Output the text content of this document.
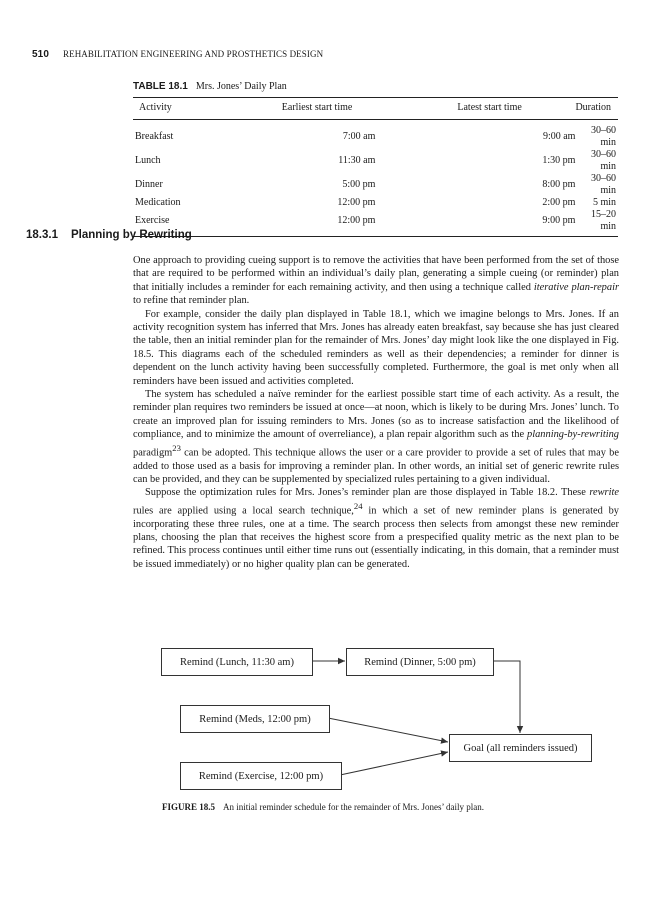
510 REHABILITATION ENGINEERING AND PROSTHETICS DESIGN
TABLE 18.1 Mrs. Jones’ Daily Plan
Activity	Earliest start time	Latest start time	Duration
Breakfast	7:00 am	9:00 am	30–60 min
Lunch	11:30 am	1:30 pm	30–60 min
Dinner	5:00 pm	8:00 pm	30–60 min
Medication	12:00 pm	2:00 pm	5 min
Exercise	12:00 pm	9:00 pm	15–20 min
18.3.1 Planning by Rewriting

One approach to providing cueing support is to remove the activities that have been performed from the set of those that are required to be performed within an individual’s daily plan, generating a simple cueing (or reminder) plan that initially includes a reminder for each remaining activity, and then using a technique called iterative plan-repair to refine that reminder plan.

For example, consider the daily plan displayed in Table 18.1, which we imagine belongs to Mrs. Jones. If an activity recognition system has inferred that Mrs. Jones has already eaten breakfast, say because she has just cleared the table, then an initial reminder plan for the remainder of Mrs. Jones’ day might look like the one displayed in Fig. 18.5. This diagrams each of the scheduled reminders as well as their dependencies; a reminder for dinner is dependent on the lunch activity having been successfully completed. Furthermore, the goal is met only when all reminders have been issued and activities completed.

The system has scheduled a naïve reminder for the earliest possible start time of each activity. As a result, the reminder plan requires two reminders be issued at once—at noon, which is likely to be during Mrs. Jones’ lunch. To create an improved plan for issuing reminders to Mrs. Jones (so as to increase satisfaction and the likelihood of compliance, and to minimize the amount of overreliance), a plan repair algorithm such as the planning-by-rewriting paradigm$^{23}$ can be adopted. This technique allows the user or a care provider to provide a set of rules that may be added to those used as a basis for improving a reminder plan. In other words, an initial set of generic rewrite rules can be provided, and they can be supplemented by specialized rules pertaining to a given individual.

Suppose the optimization rules for Mrs. Jones’s reminder plan are those displayed in Table 18.2. These rewrite rules are applied using a local search technique,$^{24}$ in which a set of new reminder plans is generated by incorporating these three rules, one at a time. The search process then selects from amongst these new reminder plans, choosing the plan that receives the highest score from a prespecified quality metric as the next plan to be refined. This process continues until either time runs out (essentially indicating, in this domain, that a reminder must be issued immediately) or no higher quality plan can be generated.

Remind (Lunch, 11:30 am)	Remind (Dinner, 5:00 pm)
Remind (Meds, 12:00 pm)
Goal (all reminders issued)
Remind (Exercise, 12:00 pm)
FIGURE 18.5 An initial reminder schedule for the remainder of Mrs. Jones’ daily plan.
